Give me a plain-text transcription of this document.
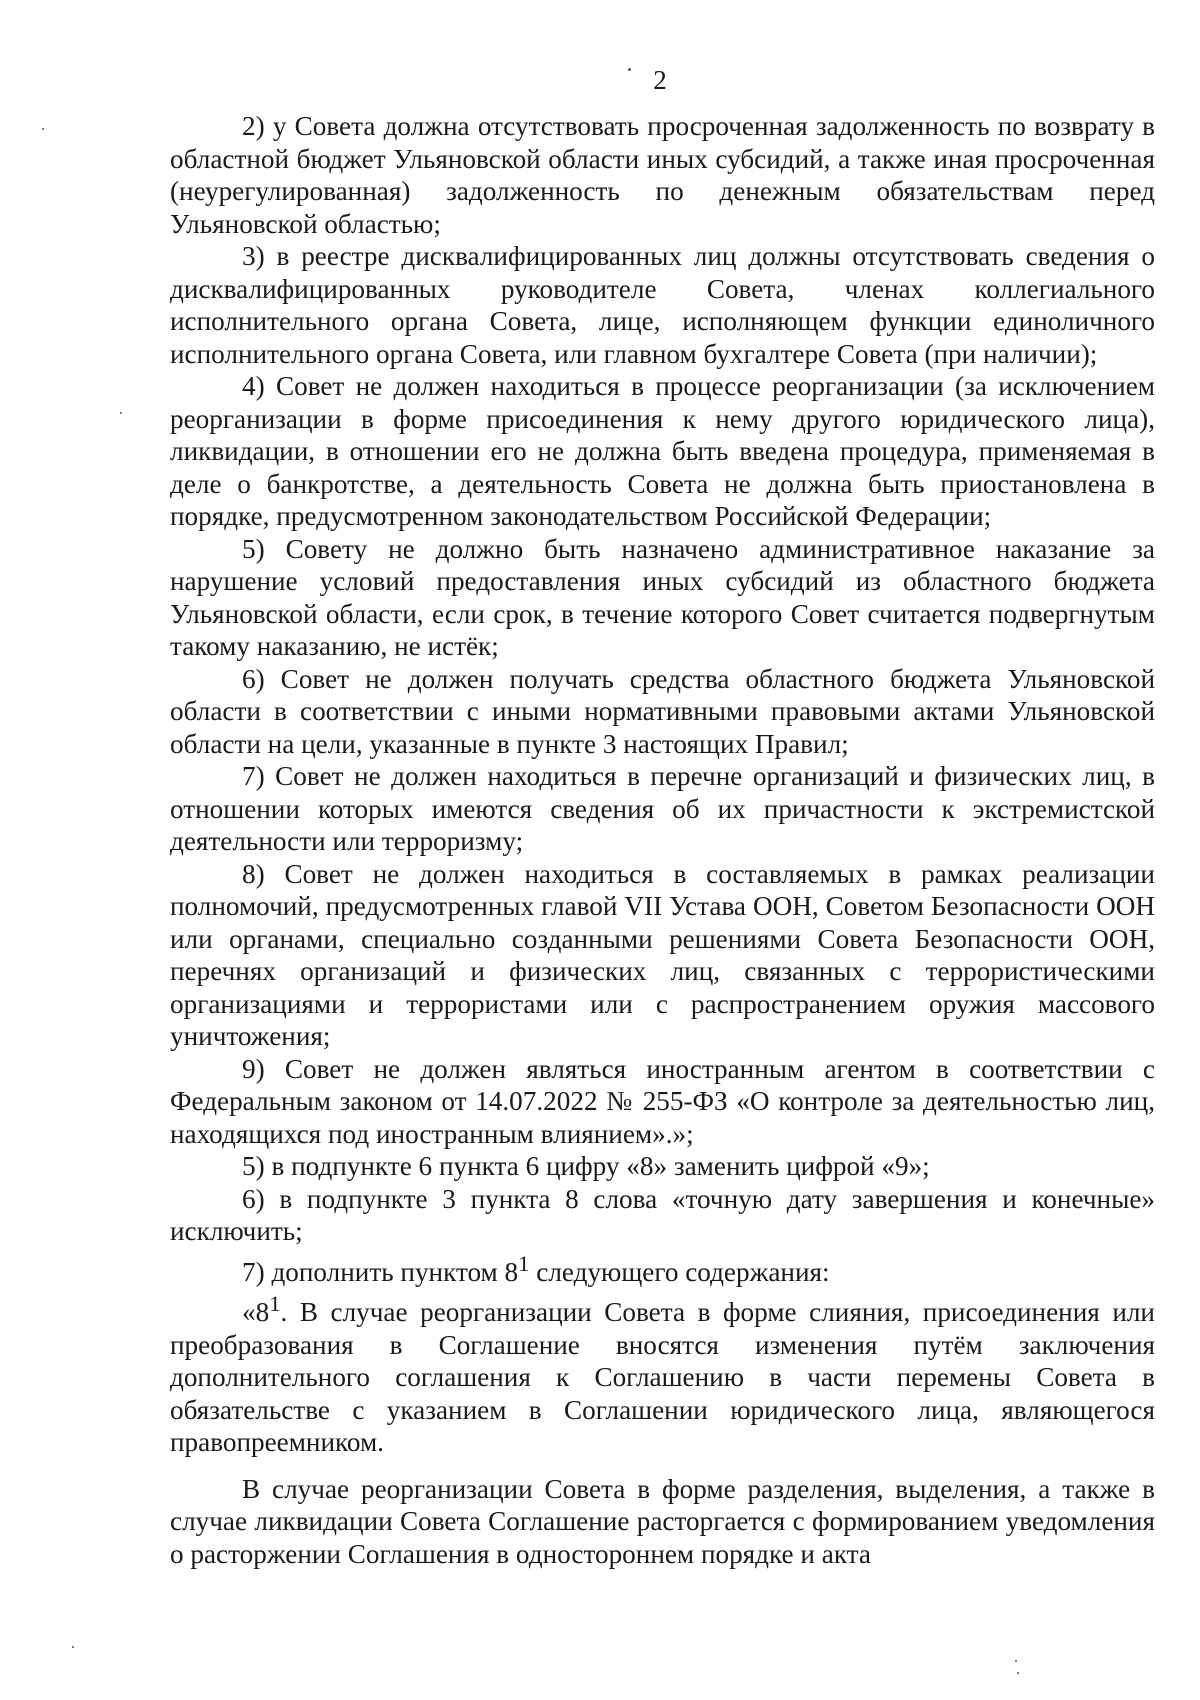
2

2) у Совета должна отсутствовать просроченная задолженность по возврату в областной бюджет Ульяновской области иных субсидий, а также иная просроченная (неурегулированная) задолженность по денежным обязательствам перед Ульяновской областью;

3) в реестре дисквалифицированных лиц должны отсутствовать сведения о дисквалифицированных руководителе Совета, членах коллегиального исполнительного органа Совета, лице, исполняющем функции единоличного исполнительного органа Совета, или главном бухгалтере Совета (при наличии);

4) Совет не должен находиться в процессе реорганизации (за исключением реорганизации в форме присоединения к нему другого юридического лица), ликвидации, в отношении его не должна быть введена процедура, применяемая в деле о банкротстве, а деятельность Совета не должна быть приостановлена в порядке, предусмотренном законодательством Российской Федерации;

5) Совету не должно быть назначено административное наказание за нарушение условий предоставления иных субсидий из областного бюджета Ульяновской области, если срок, в течение которого Совет считается подвергнутым такому наказанию, не истёк;

6) Совет не должен получать средства областного бюджета Ульяновской области в соответствии с иными нормативными правовыми актами Ульяновской области на цели, указанные в пункте 3 настоящих Правил;

7) Совет не должен находиться в перечне организаций и физических лиц, в отношении которых имеются сведения об их причастности к экстремистской деятельности или терроризму;

8) Совет не должен находиться в составляемых в рамках реализации полномочий, предусмотренных главой VII Устава ООН, Советом Безопасности ООН или органами, специально созданными решениями Совета Безопасности ООН, перечнях организаций и физических лиц, связанных с террористическими организациями и террористами или с распространением оружия массового уничтожения;

9) Совет не должен являться иностранным агентом в соответствии с Федеральным законом от 14.07.2022 № 255-ФЗ «О контроле за деятельностью лиц, находящихся под иностранным влиянием».»;

5) в подпункте 6 пункта 6 цифру «8» заменить цифрой «9»;

6) в подпункте 3 пункта 8 слова «точную дату завершения и конечные» исключить;

7) дополнить пунктом $8^1$ следующего содержания:

«$8^1$. В случае реорганизации Совета в форме слияния, присоединения или преобразования в Соглашение вносятся изменения путём заключения дополнительного соглашения к Соглашению в части перемены Совета в обязательстве с указанием в Соглашении юридического лица, являющегося правопреемником.

В случае реорганизации Совета в форме разделения, выделения, а также в случае ликвидации Совета Соглашение расторгается с формированием уведомления о расторжении Соглашения в одностороннем порядке и акта
